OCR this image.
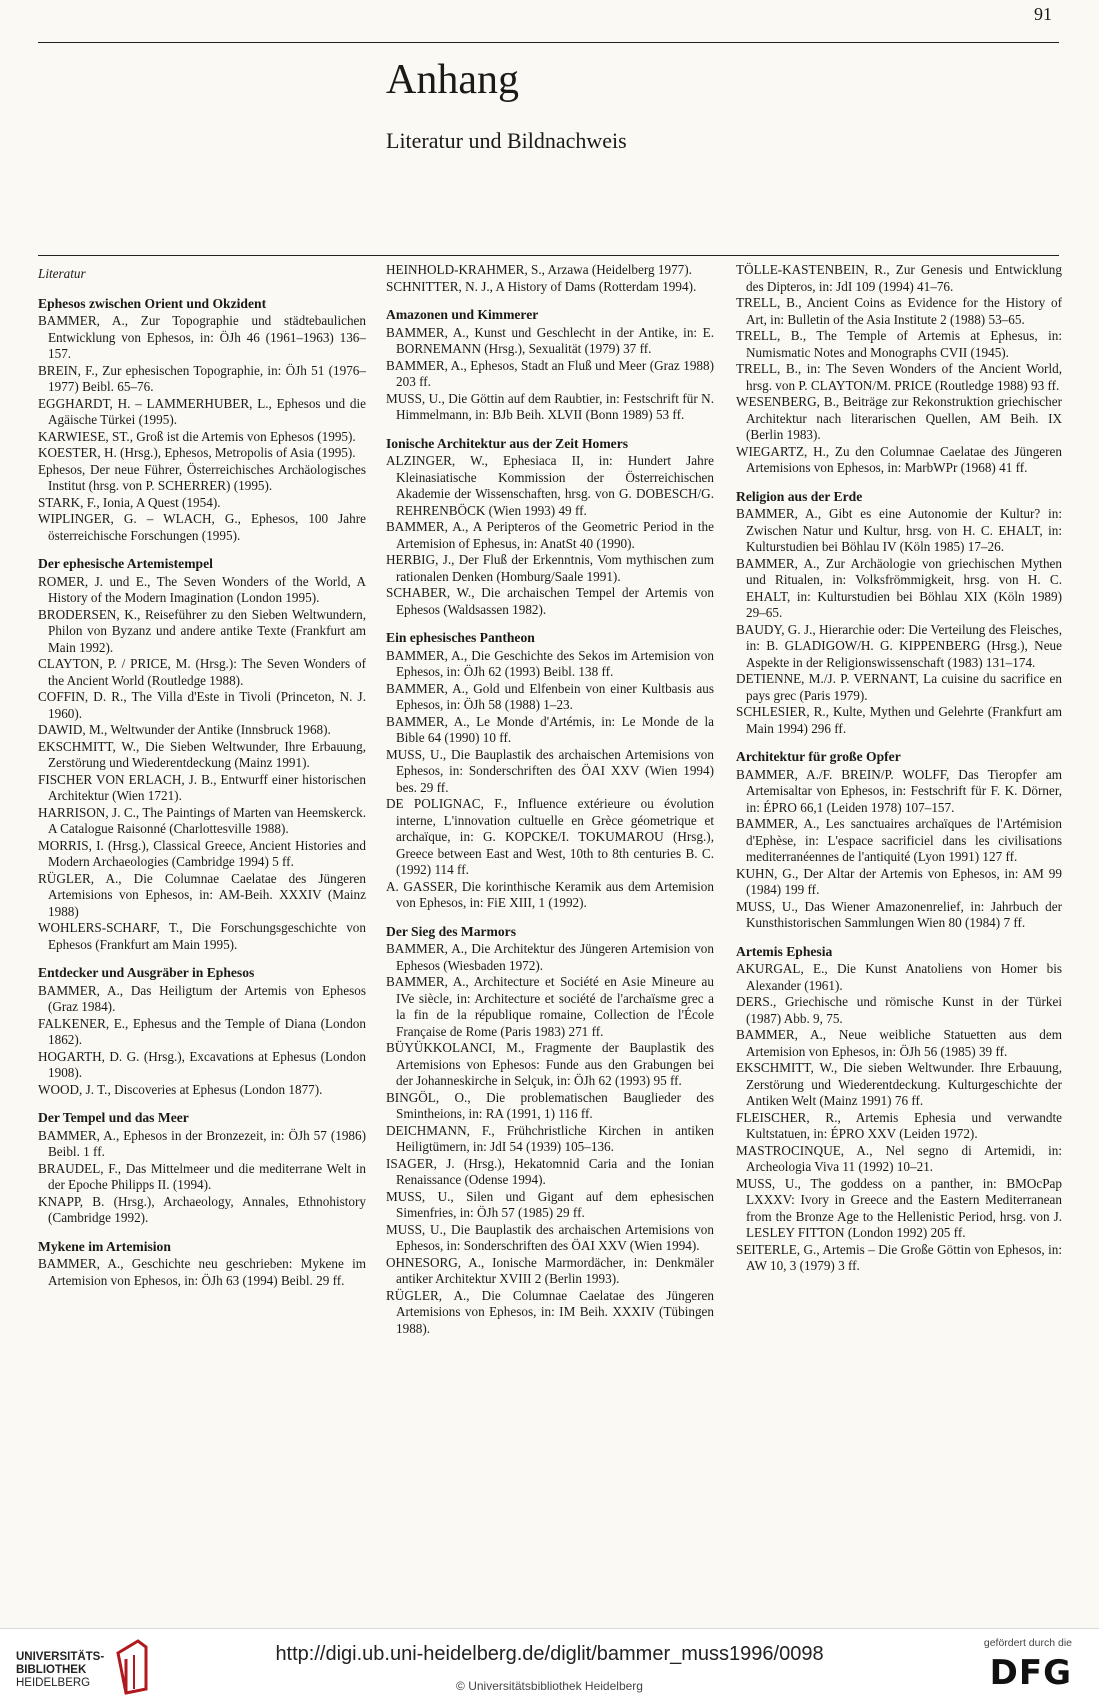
91
Anhang
Literatur und Bildnachweis
Literatur
Ephesos zwischen Orient und Okzident

BAMMER, A., Zur Topographie und städtebaulichen Entwicklung von Ephesos, in: ÖJh 46 (1961–1963) 136–157.

BREIN, F., Zur ephesischen Topographie, in: ÖJh 51 (1976–1977) Beibl. 65–76.

EGGHARDT, H. – LAMMERHUBER, L., Ephesos und die Agäische Türkei (1995).

KARWIESE, ST., Groß ist die Artemis von Ephesos (1995).

KOESTER, H. (Hrsg.), Ephesos, Metropolis of Asia (1995).

Ephesos, Der neue Führer, Österreichisches Archäologisches Institut (hrsg. von P. SCHERRER) (1995).

STARK, F., Ionia, A Quest (1954).

WIPLINGER, G. – WLACH, G., Ephesos, 100 Jahre österreichische Forschungen (1995).

Der ephesische Artemistempel

ROMER, J. und E., The Seven Wonders of the World, A History of the Modern Imagination (London 1995).

BRODERSEN, K., Reiseführer zu den Sieben Weltwundern, Philon von Byzanz und andere antike Texte (Frankfurt am Main 1992).

CLAYTON, P. / PRICE, M. (Hrsg.): The Seven Wonders of the Ancient World (Routledge 1988).

COFFIN, D. R., The Villa d'Este in Tivoli (Princeton, N. J. 1960).

DAWID, M., Weltwunder der Antike (Innsbruck 1968).

EKSCHMITT, W., Die Sieben Weltwunder, Ihre Erbauung, Zerstörung und Wiederentdeckung (Mainz 1991).

FISCHER VON ERLACH, J. B., Entwurff einer historischen Architektur (Wien 1721).

HARRISON, J. C., The Paintings of Marten van Heemskerck. A Catalogue Raisonné (Charlottesville 1988).

MORRIS, I. (Hrsg.), Classical Greece, Ancient Histories and Modern Archaeologies (Cambridge 1994) 5 ff.

RÜGLER, A., Die Columnae Caelatae des Jüngeren Artemisions von Ephesos, in: AM-Beih. XXXIV (Mainz 1988)

WOHLERS-SCHARF, T., Die Forschungsgeschichte von Ephesos (Frankfurt am Main 1995).

Entdecker und Ausgräber in Ephesos

BAMMER, A., Das Heiligtum der Artemis von Ephesos (Graz 1984).

FALKENER, E., Ephesus and the Temple of Diana (London 1862).

HOGARTH, D. G. (Hrsg.), Excavations at Ephesus (London 1908).

WOOD, J. T., Discoveries at Ephesus (London 1877).

Der Tempel und das Meer

BAMMER, A., Ephesos in der Bronzezeit, in: ÖJh 57 (1986) Beibl. 1 ff.

BRAUDEL, F., Das Mittelmeer und die mediterrane Welt in der Epoche Philipps II. (1994).

KNAPP, B. (Hrsg.), Archaeology, Annales, Ethnohistory (Cambridge 1992).

Mykene im Artemision

BAMMER, A., Geschichte neu geschrieben: Mykene im Artemision von Ephesos, in: ÖJh 63 (1994) Beibl. 29 ff.

HEINHOLD-KRAHMER, S., Arzawa (Heidelberg 1977).

SCHNITTER, N. J., A History of Dams (Rotterdam 1994).

Amazonen und Kimmerer

BAMMER, A., Kunst und Geschlecht in der Antike, in: E. BORNEMANN (Hrsg.), Sexualität (1979) 37 ff.

BAMMER, A., Ephesos, Stadt an Fluß und Meer (Graz 1988) 203 ff.

MUSS, U., Die Göttin auf dem Raubtier, in: Festschrift für N. Himmelmann, in: BJb Beih. XLVII (Bonn 1989) 53 ff.

Ionische Architektur aus der Zeit Homers

ALZINGER, W., Ephesiaca II, in: Hundert Jahre Kleinasiatische Kommission der Österreichischen Akademie der Wissenschaften, hrsg. von G. DOBESCH/G. REHRENBÖCK (Wien 1993) 49 ff.

BAMMER, A., A Peripteros of the Geometric Period in the Artemision of Ephesus, in: AnatSt 40 (1990).

HERBIG, J., Der Fluß der Erkenntnis, Vom mythischen zum rationalen Denken (Homburg/Saale 1991).

SCHABER, W., Die archaischen Tempel der Artemis von Ephesos (Waldsassen 1982).

Ein ephesisches Pantheon

BAMMER, A., Die Geschichte des Sekos im Artemision von Ephesos, in: ÖJh 62 (1993) Beibl. 138 ff.

BAMMER, A., Gold und Elfenbein von einer Kultbasis aus Ephesos, in: ÖJh 58 (1988) 1–23.

BAMMER, A., Le Monde d'Artémis, in: Le Monde de la Bible 64 (1990) 10 ff.

MUSS, U., Die Bauplastik des archaischen Artemisions von Ephesos, in: Sonderschriften des ÖAI XXV (Wien 1994) bes. 29 ff.

DE POLIGNAC, F., Influence extérieure ou évolution interne, L'innovation cultuelle en Grèce géometrique et archaïque, in: G. KOPCKE/I. TOKUMAROU (Hrsg.), Greece between East and West, 10th to 8th centuries B. C. (1992) 114 ff.

A. GASSER, Die korinthische Keramik aus dem Artemision von Ephesos, in: FiE XIII, 1 (1992).

Der Sieg des Marmors

BAMMER, A., Die Architektur des Jüngeren Artemision von Ephesos (Wiesbaden 1972).

BAMMER, A., Architecture et Société en Asie Mineure au IVe siècle, in: Architecture et société de l'archaïsme grec a la fin de la république romaine, Collection de l'École Française de Rome (Paris 1983) 271 ff.

BÜYÜKKOLANCI, M., Fragmente der Bauplastik des Artemisions von Ephesos: Funde aus den Grabungen bei der Johanneskirche in Selçuk, in: ÖJh 62 (1993) 95 ff.

BINGÖL, O., Die problematischen Bauglieder des Smintheions, in: RA (1991, 1) 116 ff.

DEICHMANN, F., Frühchristliche Kirchen in antiken Heiligtümern, in: JdI 54 (1939) 105–136.

ISAGER, J. (Hrsg.), Hekatomnid Caria and the Ionian Renaissance (Odense 1994).

MUSS, U., Silen und Gigant auf dem ephesischen Simenfries, in: ÖJh 57 (1985) 29 ff.

MUSS, U., Die Bauplastik des archaischen Artemisions von Ephesos, in: Sonderschriften des ÖAI XXV (Wien 1994).

OHNESORG, A., Ionische Marmordächer, in: Denkmäler antiker Architektur XVIII 2 (Berlin 1993).

RÜGLER, A., Die Columnae Caelatae des Jüngeren Artemisions von Ephesos, in: IM Beih. XXXIV (Tübingen 1988).

TÖLLE-KASTENBEIN, R., Zur Genesis und Entwicklung des Dipteros, in: JdI 109 (1994) 41–76.

TRELL, B., Ancient Coins as Evidence for the History of Art, in: Bulletin of the Asia Institute 2 (1988) 53–65.

TRELL, B., The Temple of Artemis at Ephesus, in: Numismatic Notes and Monographs CVII (1945).

TRELL, B., in: The Seven Wonders of the Ancient World, hrsg. von P. CLAYTON/M. PRICE (Routledge 1988) 93 ff.

WESENBERG, B., Beiträge zur Rekonstruktion griechischer Architektur nach literarischen Quellen, AM Beih. IX (Berlin 1983).

WIEGARTZ, H., Zu den Columnae Caelatae des Jüngeren Artemisions von Ephesos, in: MarbWPr (1968) 41 ff.

Religion aus der Erde

BAMMER, A., Gibt es eine Autonomie der Kultur? in: Zwischen Natur und Kultur, hrsg. von H. C. EHALT, in: Kulturstudien bei Böhlau IV (Köln 1985) 17–26.

BAMMER, A., Zur Archäologie von griechischen Mythen und Ritualen, in: Volksfrömmigkeit, hrsg. von H. C. EHALT, in: Kulturstudien bei Böhlau XIX (Köln 1989) 29–65.

BAUDY, G. J., Hierarchie oder: Die Verteilung des Fleisches, in: B. GLADIGOW/H. G. KIPPENBERG (Hrsg.), Neue Aspekte in der Religionswissenschaft (1983) 131–174.

DETIENNE, M./J. P. VERNANT, La cuisine du sacrifice en pays grec (Paris 1979).

SCHLESIER, R., Kulte, Mythen und Gelehrte (Frankfurt am Main 1994) 296 ff.

Architektur für große Opfer

BAMMER, A./F. BREIN/P. WOLFF, Das Tieropfer am Artemisaltar von Ephesos, in: Festschrift für F. K. Dörner, in: ÉPRO 66,1 (Leiden 1978) 107–157.

BAMMER, A., Les sanctuaires archaïques de l'Artémision d'Ephèse, in: L'espace sacrificiel dans les civilisations mediterranéennes de l'antiquité (Lyon 1991) 127 ff.

KUHN, G., Der Altar der Artemis von Ephesos, in: AM 99 (1984) 199 ff.

MUSS, U., Das Wiener Amazonenrelief, in: Jahrbuch der Kunsthistorischen Sammlungen Wien 80 (1984) 7 ff.

Artemis Ephesia

AKURGAL, E., Die Kunst Anatoliens von Homer bis Alexander (1961).

DERS., Griechische und römische Kunst in der Türkei (1987) Abb. 9, 75.

BAMMER, A., Neue weibliche Statuetten aus dem Artemision von Ephesos, in: ÖJh 56 (1985) 39 ff.

EKSCHMITT, W., Die sieben Weltwunder. Ihre Erbauung, Zerstörung und Wiederentdeckung. Kulturgeschichte der Antiken Welt (Mainz 1991) 76 ff.

FLEISCHER, R., Artemis Ephesia und verwandte Kultstatuen, in: ÉPRO XXV (Leiden 1972).

MASTROCINQUE, A., Nel segno di Artemidi, in: Archeologia Viva 11 (1992) 10–21.

MUSS, U., The goddess on a panther, in: BMOcPap LXXXV: Ivory in Greece and the Eastern Mediterranean from the Bronze Age to the Hellenistic Period, hrsg. von J. LESLEY FITTON (London 1992) 205 ff.

SEITERLE, G., Artemis – Die Große Göttin von Ephesos, in: AW 10, 3 (1979) 3 ff.

UNIVERSITÄTS-
BIBLIOTHEK
HEIDELBERG
http://digi.ub.uni-heidelberg.de/diglit/bammer_muss1996/0098
© Universitätsbibliothek Heidelberg
gefördert durch die
DFG
